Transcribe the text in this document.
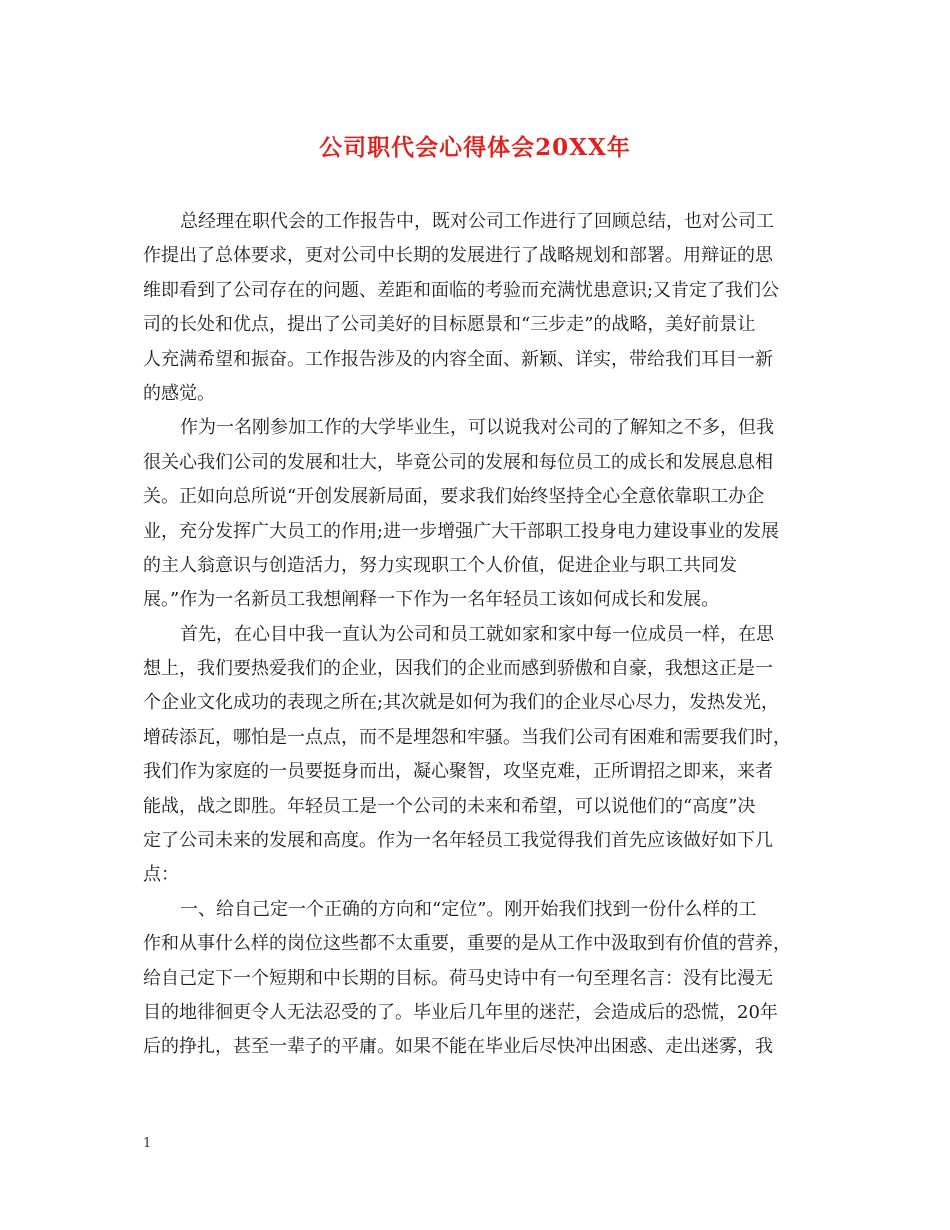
公司职代会心得体会20XX年
总经理在职代会的工作报告中，既对公司工作进行了回顾总结，也对公司工
作提出了总体要求，更对公司中长期的发展进行了战略规划和部署。用辩证的思
维即看到了公司存在的问题、差距和面临的考验而充满忧患意识;又肯定了我们公
司的长处和优点，提出了公司美好的目标愿景和“三步走”的战略，美好前景让
人充满希望和振奋。工作报告涉及的内容全面、新颖、详实，带给我们耳目一新
的感觉。
作为一名刚参加工作的大学毕业生，可以说我对公司的了解知之不多，但我
很关心我们公司的发展和壮大，毕竟公司的发展和每位员工的成长和发展息息相
关。正如向总所说“开创发展新局面，要求我们始终坚持全心全意依靠职工办企
业，充分发挥广大员工的作用;进一步增强广大干部职工投身电力建设事业的发展
的主人翁意识与创造活力，努力实现职工个人价值，促进企业与职工共同发
展。”作为一名新员工我想阐释一下作为一名年轻员工该如何成长和发展。
首先，在心目中我一直认为公司和员工就如家和家中每一位成员一样，在思
想上，我们要热爱我们的企业，因我们的企业而感到骄傲和自豪，我想这正是一
个企业文化成功的表现之所在;其次就是如何为我们的企业尽心尽力，发热发光，
增砖添瓦，哪怕是一点点，而不是埋怨和牢骚。当我们公司有困难和需要我们时，
我们作为家庭的一员要挺身而出，凝心聚智，攻坚克难，正所谓招之即来，来者
能战，战之即胜。年轻员工是一个公司的未来和希望，可以说他们的“高度”决
定了公司未来的发展和高度。作为一名年轻员工我觉得我们首先应该做好如下几
点：
一、给自己定一个正确的方向和“定位”。刚开始我们找到一份什么样的工
作和从事什么样的岗位这些都不太重要，重要的是从工作中汲取到有价值的营养，
给自己定下一个短期和中长期的目标。荷马史诗中有一句至理名言：没有比漫无
目的地徘徊更令人无法忍受的了。毕业后几年里的迷茫，会造成后的恐慌，20年
后的挣扎，甚至一辈子的平庸。如果不能在毕业后尽快冲出困惑、走出迷雾，我
1
